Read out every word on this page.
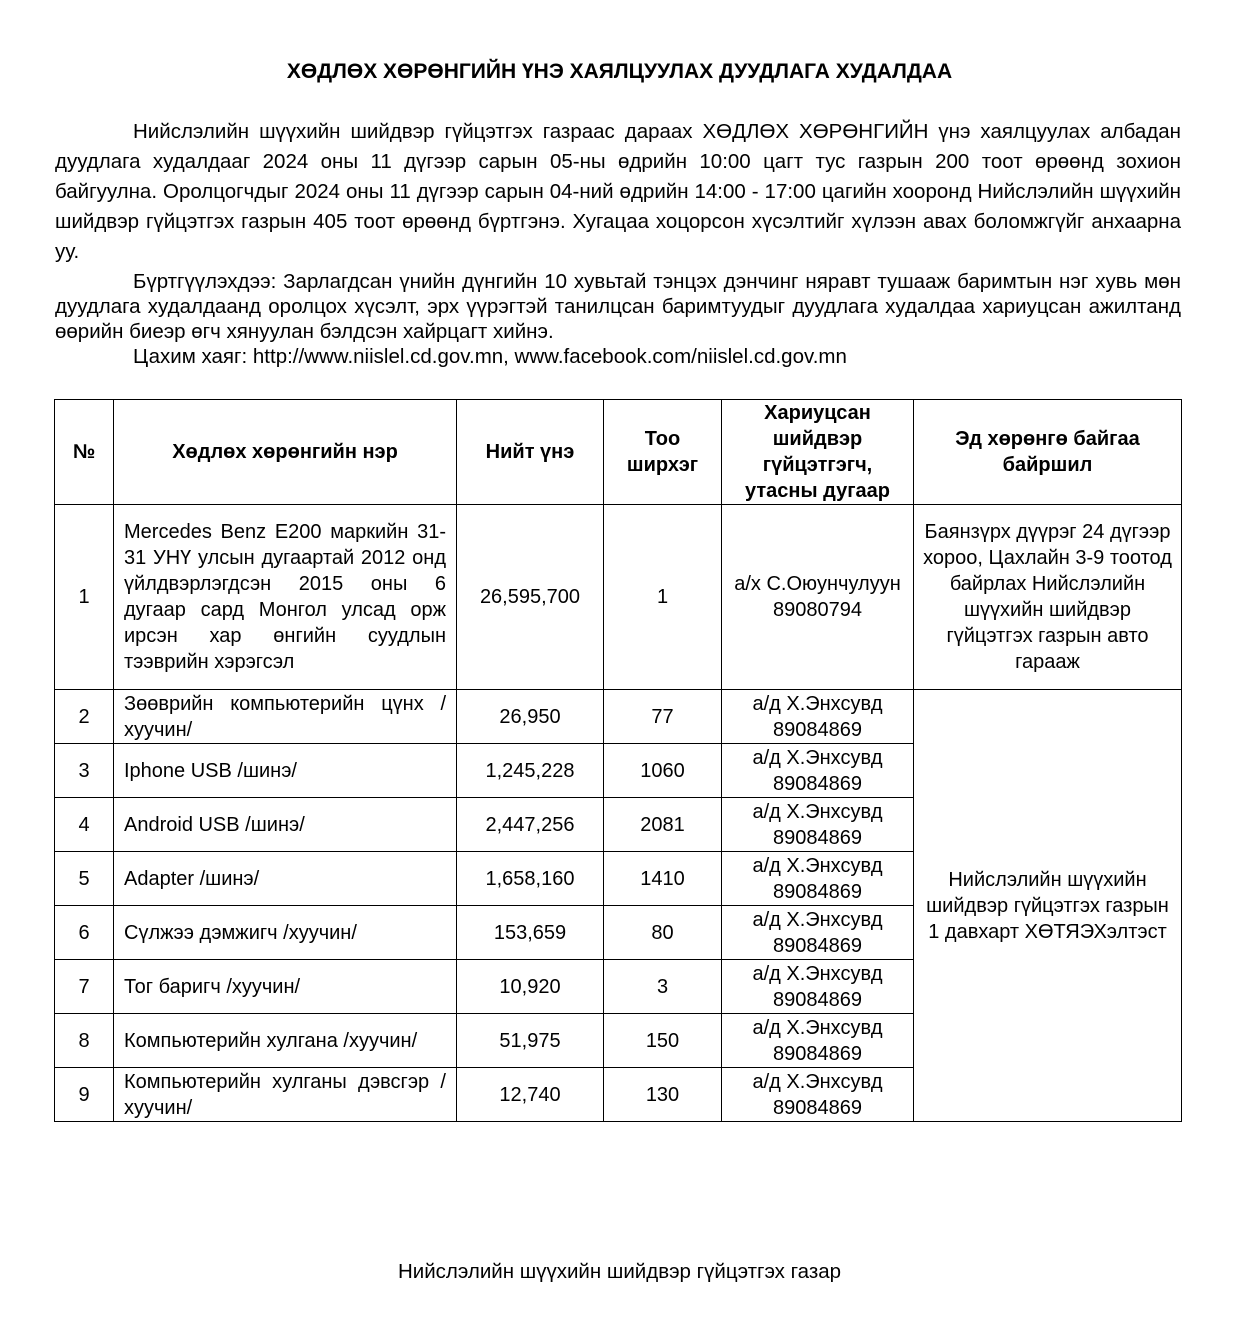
ХӨДЛӨХ ХӨРӨНГИЙН ҮНЭ ХАЯЛЦУУЛАХ ДУУДЛАГА ХУДАЛДАА

Нийслэлийн шүүхийн шийдвэр гүйцэтгэх газраас дараах ХӨДЛӨХ ХӨРӨНГИЙН үнэ хаялцуулах албадан дуудлага худалдааг 2024 оны 11 дүгээр сарын 05-ны өдрийн 10:00 цагт тус газрын 200 тоот өрөөнд зохион байгуулна. Оролцогчдыг 2024 оны 11 дүгээр сарын 04-ний өдрийн 14:00 - 17:00 цагийн хооронд Нийслэлийн шүүхийн шийдвэр гүйцэтгэх газрын 405 тоот өрөөнд бүртгэнэ. Хугацаа хоцорсон хүсэлтийг хүлээн авах боломжгүйг анхаарна уу.

Бүртгүүлэхдээ: Зарлагдсан үнийн дүнгийн 10 хувьтай тэнцэх дэнчинг няравт тушааж баримтын нэг хувь мөн дуудлага худалдаанд оролцох хүсэлт, эрх үүрэгтэй танилцсан баримтуудыг дуудлага худалдаа хариуцсан ажилтанд өөрийн биеэр өгч хянуулан бэлдсэн хайрцагт хийнэ.

Цахим хаяг: http://www.niislel.cd.gov.mn, www.facebook.com/niislel.cd.gov.mn

№	Хөдлөх хөрөнгийн нэр	Нийт үнэ	Тоо ширхэг	Хариуцсан шийдвэр гүйцэтгэгч, утасны дугаар	Эд хөрөнгө байгаа байршил
1	Mercedes Benz E200 маркийн 31-31 УНҮ улсын дугаартай 2012 онд үйлдвэрлэгдсэн 2015 оны 6 дугаар сард Монгол улсад орж ирсэн хар өнгийн суудлын тээврийн хэрэгсэл	26,595,700	1	а/х С.Оюунчулуун 89080794	Баянзүрх дүүрэг 24 дүгээр хороо, Цахлайн 3-9 тоотод байрлах Нийслэлийн шүүхийн шийдвэр гүйцэтгэх газрын авто гарааж
2	Зөөврийн компьютерийн цүнх /хуучин/	26,950	77	а/д Х.Энхсувд 89084869	Нийслэлийн шүүхийн шийдвэр гүйцэтгэх газрын 1 давхарт ХӨТЯЭХэлтэст
3	Iphone USB /шинэ/	1,245,228	1060	а/д Х.Энхсувд 89084869	
4	Android USB /шинэ/	2,447,256	2081	а/д Х.Энхсувд 89084869	
5	Adapter /шинэ/	1,658,160	1410	а/д Х.Энхсувд 89084869	
6	Сүлжээ дэмжигч /хуучин/	153,659	80	а/д Х.Энхсувд 89084869	
7	Тог баригч /хуучин/	10,920	3	а/д Х.Энхсувд 89084869	
8	Компьютерийн хулгана /хуучин/	51,975	150	а/д Х.Энхсувд 89084869	
9	Компьютерийн хулганы дэвсгэр /хуучин/	12,740	130	а/д Х.Энхсувд 89084869	
Нийслэлийн шүүхийн шийдвэр гүйцэтгэх газар
